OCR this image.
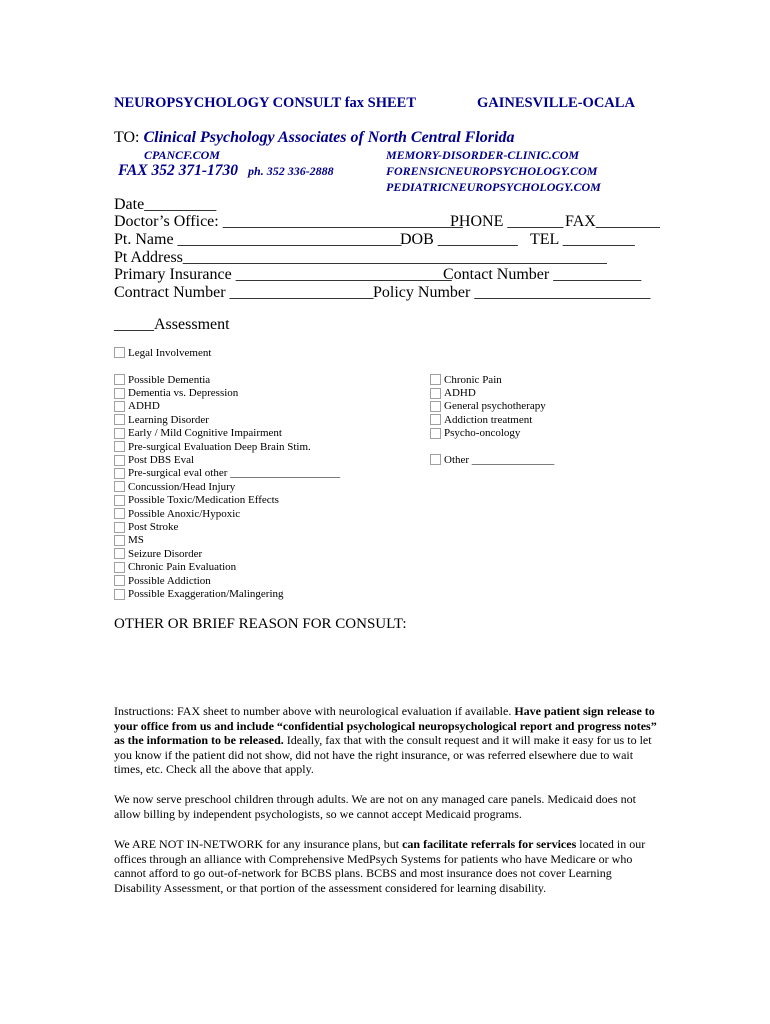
NEUROPSYCHOLOGY CONSULT fax SHEET	GAINESVILLE-OCALA
TO: Clinical Psychology Associates of North Central Florida
CPANCF.COM
FAX 352 371-1730 ph. 352 336-2888
MEMORY-DISORDER-CLINIC.COM
FORENSICNEUROPSYCHOLOGY.COM
PEDIATRICNEUROPSYCHOLOGY.COM
Date_________
Doctor’s Office: ______________________________
PHONE _______ FAX________
Pt. Name ____________________________
DOB __________ TEL _________
Pt Address_____________________________________________________
Primary Insurance ___________________________
Contact Number ___________
Contract Number __________________ Policy Number ______________________
_____Assessment
Legal Involvement
Possible Dementia
Dementia vs. Depression
ADHD
Learning Disorder
Early / Mild Cognitive Impairment
Pre-surgical Evaluation Deep Brain Stim.
Post DBS Eval
Pre-surgical eval other ____________________
Concussion/Head Injury
Possible Toxic/Medication Effects
Possible Anoxic/Hypoxic
Post Stroke
MS
Seizure Disorder
Chronic Pain Evaluation
Possible Addiction
Possible Exaggeration/Malingering
Chronic Pain
ADHD
General psychotherapy
Addiction treatment
Psycho-oncology
Other _______________
OTHER OR BRIEF REASON FOR CONSULT:
Instructions: FAX sheet to number above with neurological evaluation if available. Have patient sign release to your office from us and include “confidential psychological neuropsychological report and progress notes” as the information to be released. Ideally, fax that with the consult request and it will make it easy for us to let you know if the patient did not show, did not have the right insurance, or was referred elsewhere due to wait times, etc. Check all the above that apply.
We now serve preschool children through adults. We are not on any managed care panels. Medicaid does not allow billing by independent psychologists, so we cannot accept Medicaid programs.
We ARE NOT IN-NETWORK for any insurance plans, but can facilitate referrals for services located in our offices through an alliance with Comprehensive MedPsych Systems for patients who have Medicare or who cannot afford to go out-of-network for BCBS plans. BCBS and most insurance does not cover Learning Disability Assessment, or that portion of the assessment considered for learning disability.
